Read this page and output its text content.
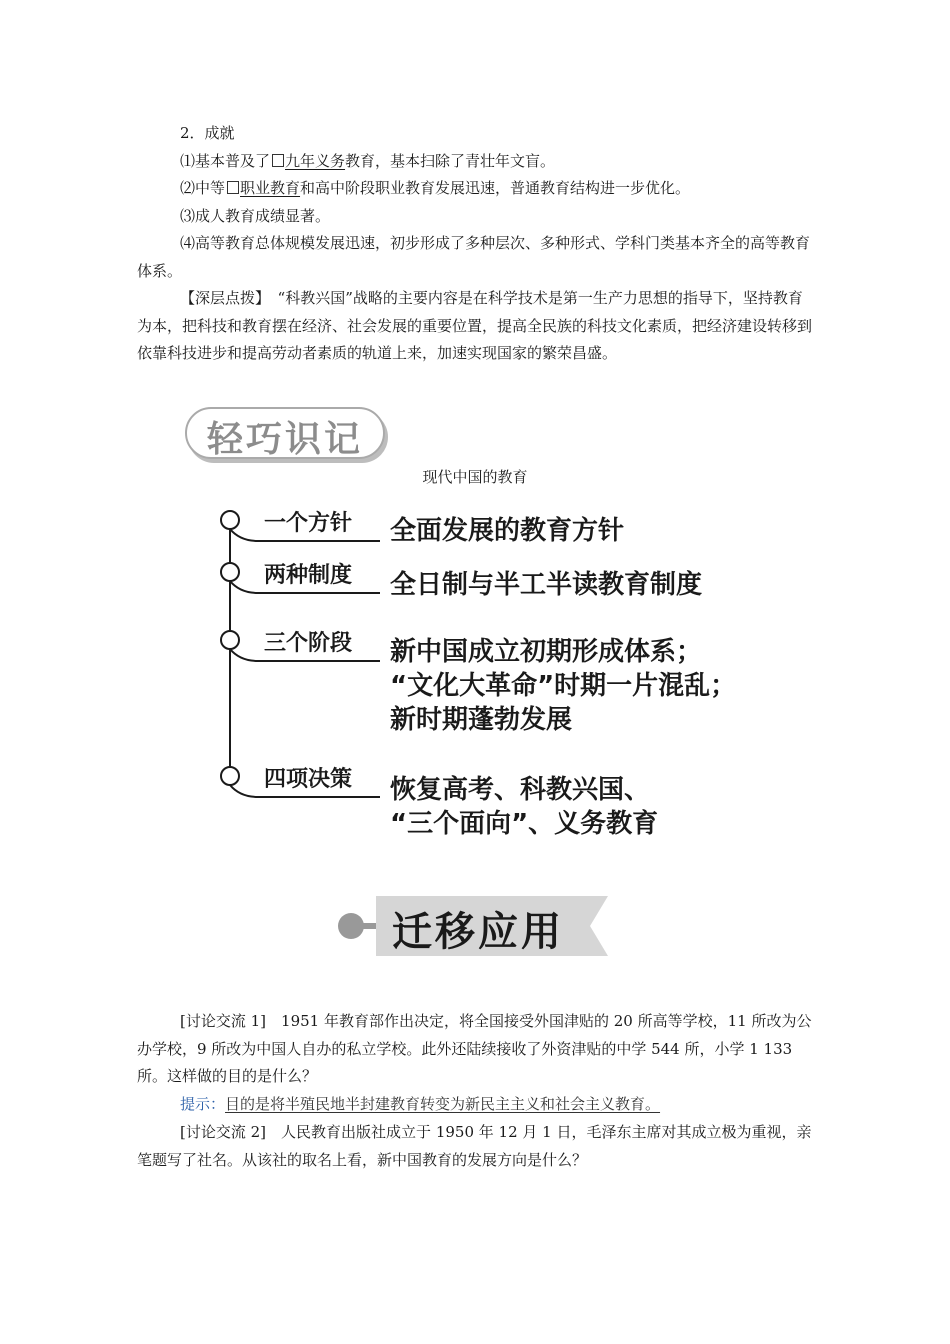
2．成就

⑴基本普及了 九年义务教育，基本扫除了青壮年文盲。

⑵中等 职业教育和高中阶段职业教育发展迅速，普通教育结构进一步优化。

⑶成人教育成绩显著。

⑷高等教育总体规模发展迅速，初步形成了多种层次、多种形式、学科门类基本齐全的高等教育体系。

【深层点拨】　 “科教兴国”战略的主要内容是在科学技术是第一生产力思想的指导下，坚持教育为本，把科技和教育摆在经济、社会发展的重要位置，提高全民族的科技文化素质，把经济建设转移到依靠科技进步和提高劳动者素质的轨道上来，加速实现国家的繁荣昌盛。

轻巧识记

现代中国的教育

一个方针

两种制度

三个阶段

四项决策

全面发展的教育方针

全日制与半工半读教育制度

新中国成立初期形成体系；

“文化大革命”时期一片混乱；

新时期蓬勃发展

恢复高考、科教兴国、

“三个面向”、义务教育

迁移应用

[讨论交流 1]　 1951 年教育部作出决定，将全国接受外国津贴的 20 所高等学校，11 所改为公办学校，9 所改为中国人自办的私立学校。此外还陆续接收了外资津贴的中学 544 所，小学 1 133 所。这样做的目的是什么？

提示：目的是将半殖民地半封建教育转变为新民主主义和社会主义教育。

[讨论交流 2]　 人民教育出版社成立于 1950 年 12 月 1 日，毛泽东主席对其成立极为重视，亲笔题写了社名。从该社的取名上看，新中国教育的发展方向是什么？
